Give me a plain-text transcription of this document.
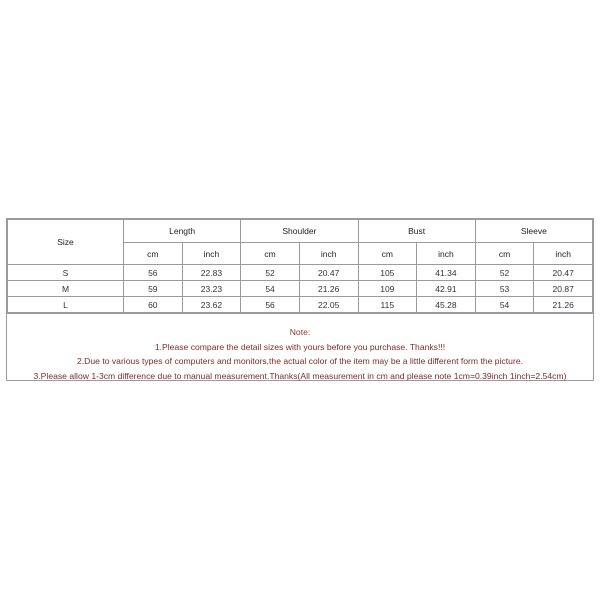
Size	Length		Shoulder		Bust		Sleeve	
	cm	inch	cm	inch	cm	inch	cm	inch
S	56	22.83	52	20.47	105	41.34	52	20.47
M	59	23.23	54	21.26	109	42.91	53	20.87
L	60	23.62	56	22.05	115	45.28	54	21.26
Note:
1.Please compare the detail sizes with yours before you purchase. Thanks!!!
2.Due to various types of computers and monitors,the actual color of the item may be a little different form the picture.
3.Please allow 1-3cm difference due to manual measurement.Thanks(All measurement in cm and please note 1cm=0.39inch 1inch=2.54cm)
